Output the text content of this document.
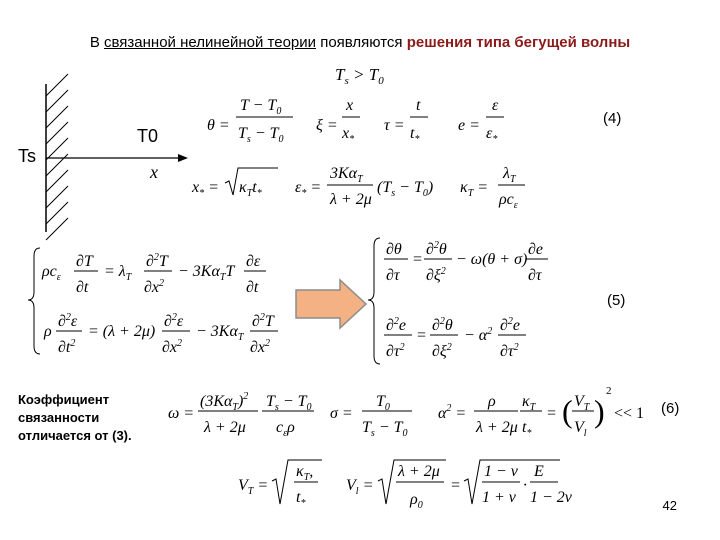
В связанной нелинейной теории появляются решения типа бегущей волны
$T_s > T_0$
θ =
$T - T_0$
$T_s - T_0$
ξ =
x
$x_*$
τ =
t
$t_*$
e =
ε
$\varepsilon_*$
$x_* = \kappa_Tt_*$ $\varepsilon_*$ =
$3K\alpha_T$
λ + 2μ
$(T_s - T_0) \kappa_T$ =
$\lambda_T$
$\rho c_\varepsilon$
$\rho c_\varepsilon$
∂T
∂t
= $\lambda_T$
∂$^2$T
$\partial x^2$
− $3K\alpha_TT$
∂ε
∂t
ρ
∂$^2$ε
$\partial t^2$
= (λ + 2μ)
∂$^2$ε
$\partial x^2$
− $3K\alpha_T$
∂$^2$T
$\partial x^2$
∂θ
∂τ
=
∂$^2$θ
$\partial\xi^2$
− ω(θ + σ)
∂e
∂τ
∂$^2$e
$\partial\tau^2$
=
∂$^2$θ
$\partial\xi^2$
− $\alpha^2$ ∂$^2$e
$\partial\tau^2$
ω =
$(3K\alpha_T)^2$
λ + 2μ
$T_s - T_0$
$c_\varepsilon\rho$
σ =
$T_0$
$T_s - T_0$
$\alpha^2$ =
ρ
λ + 2μ
$\kappa_T$
$t_*$
= ( $V_T$
$V_l$
)
2
<< 1
$V_T$ =
$\kappa_T$,
$t_*$
$V_l$ =
λ + 2μ
$\rho_0$
=
1 − ν
1 + ν
·
E
1 − 2ν
Ts
T0
x
(4)
(5)
(6)
Коэффициент
связанности
отличается от (3).
42
